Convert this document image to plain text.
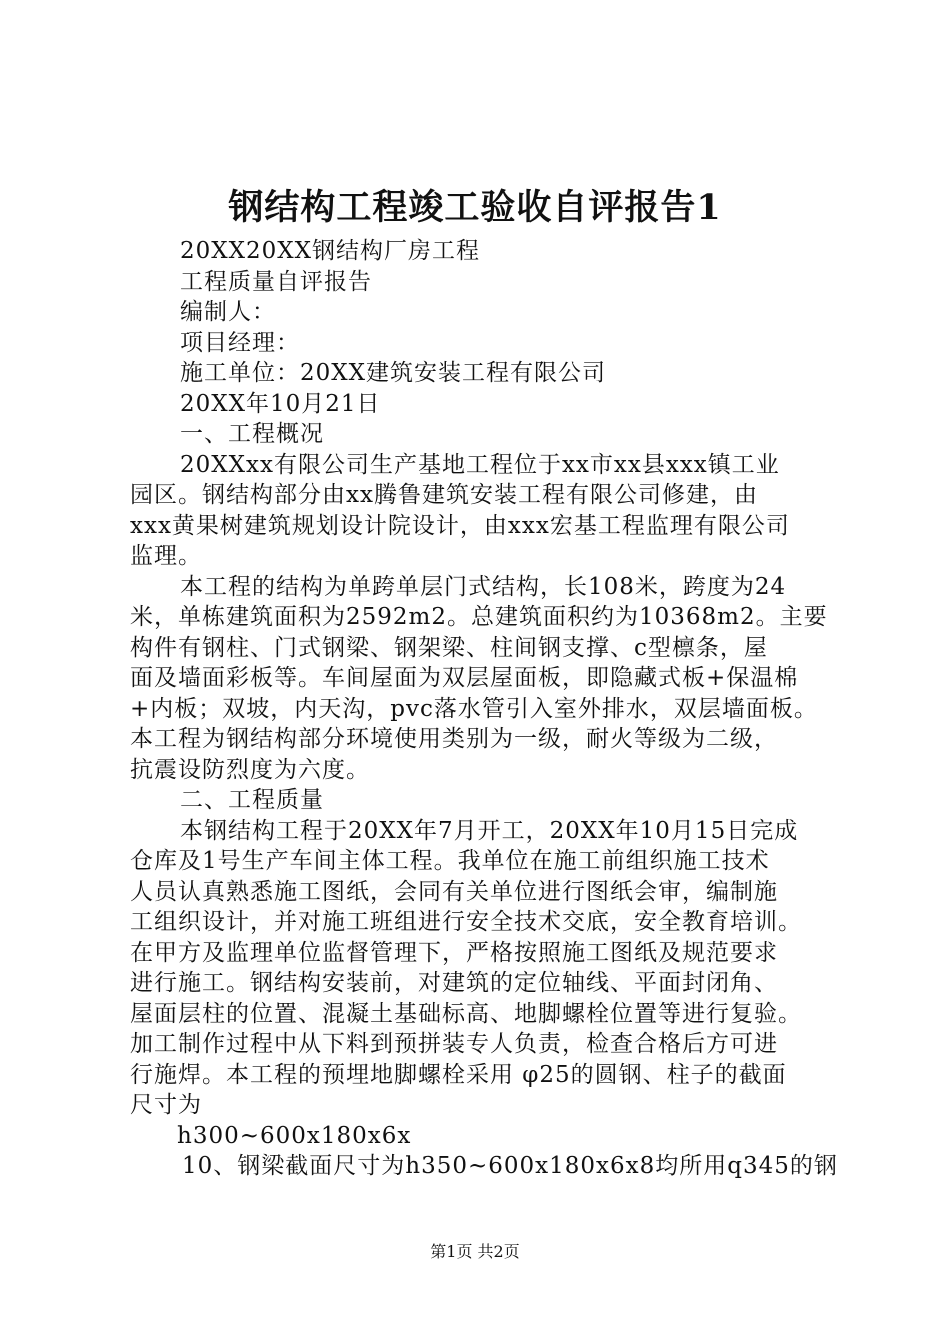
钢结构工程竣工验收自评报告1
20XX20XX钢结构厂房工程
工程质量自评报告
编制人：
项目经理：
施工单位：20XX建筑安装工程有限公司
20XX年10月21日
一、工程概况
20XXxx有限公司生产基地工程位于xx市xx县xxx镇工业
园区。钢结构部分由xx腾鲁建筑安装工程有限公司修建，由
xxx黄果树建筑规划设计院设计，由xxx宏基工程监理有限公司
监理。
本工程的结构为单跨单层门式结构，长108米，跨度为24
米，单栋建筑面积为2592m2。总建筑面积约为10368m2。主要
构件有钢柱、门式钢梁、钢架梁、柱间钢支撑、c型檩条，屋
面及墙面彩板等。车间屋面为双层屋面板，即隐藏式板+保温棉
+内板；双坡，内天沟，pvc落水管引入室外排水，双层墙面板。
本工程为钢结构部分环境使用类别为一级，耐火等级为二级，
抗震设防烈度为六度。
二、工程质量
本钢结构工程于20XX年7月开工，20XX年10月15日完成
仓库及1号生产车间主体工程。我单位在施工前组织施工技术
人员认真熟悉施工图纸，会同有关单位进行图纸会审，编制施
工组织设计，并对施工班组进行安全技术交底，安全教育培训。
在甲方及监理单位监督管理下，严格按照施工图纸及规范要求
进行施工。钢结构安装前，对建筑的定位轴线、平面封闭角、
屋面层柱的位置、混凝土基础标高、地脚螺栓位置等进行复验。
加工制作过程中从下料到预拼装专人负责，检查合格后方可进
行施焊。本工程的预埋地脚螺栓采用 φ25的圆钢、柱子的截面
尺寸为
h300~600x180x6x
10、钢梁截面尺寸为h350~600x180x6x8均所用q345的钢
第1页 共2页
